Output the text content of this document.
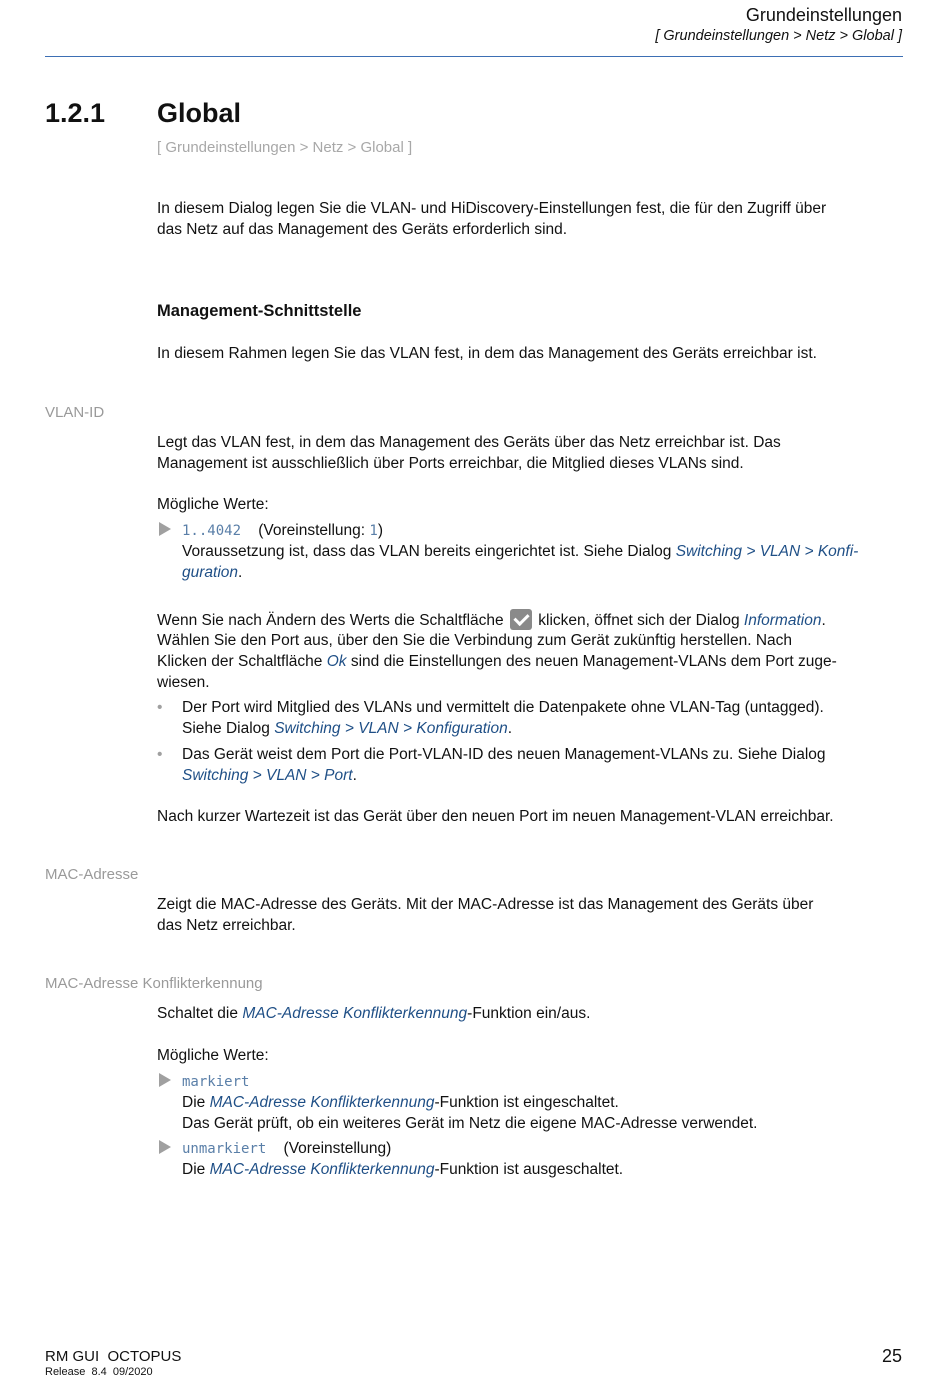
Grundeinstellungen
[ Grundeinstellungen > Netz > Global ]
1.2.1 Global
[ Grundeinstellungen > Netz > Global ]
In diesem Dialog legen Sie die VLAN- und HiDiscovery-Einstellungen fest, die für den Zugriff über
das Netz auf das Management des Geräts erforderlich sind.
Management-Schnittstelle
In diesem Rahmen legen Sie das VLAN fest, in dem das Management des Geräts erreichbar ist.
VLAN-ID
Legt das VLAN fest, in dem das Management des Geräts über das Netz erreichbar ist. Das
Management ist ausschließlich über Ports erreichbar, die Mitglied dieses VLANs sind.
Mögliche Werte:
1..4042 (Voreinstellung: 1)
Voraussetzung ist, dass das VLAN bereits eingerichtet ist. Siehe Dialog Switching > VLAN > Konfi-
guration.
Wenn Sie nach Ändern des Werts die Schaltfläche  klicken, öffnet sich der Dialog Information.
Wählen Sie den Port aus, über den Sie die Verbindung zum Gerät zukünftig herstellen. Nach
Klicken der Schaltfläche Ok sind die Einstellungen des neuen Management-VLANs dem Port zuge-
wiesen.
• Der Port wird Mitglied des VLANs und vermittelt die Datenpakete ohne VLAN-Tag (untagged).
Siehe Dialog Switching > VLAN > Konfiguration.
• Das Gerät weist dem Port die Port-VLAN-ID des neuen Management-VLANs zu. Siehe Dialog
Switching > VLAN > Port.
Nach kurzer Wartezeit ist das Gerät über den neuen Port im neuen Management-VLAN erreichbar.
MAC-Adresse
Zeigt die MAC-Adresse des Geräts. Mit der MAC-Adresse ist das Management des Geräts über
das Netz erreichbar.
MAC-Adresse Konflikterkennung
Schaltet die MAC-Adresse Konflikterkennung-Funktion ein/aus.
Mögliche Werte:
markiert
Die MAC-Adresse Konflikterkennung-Funktion ist eingeschaltet.
Das Gerät prüft, ob ein weiteres Gerät im Netz die eigene MAC-Adresse verwendet.
unmarkiert (Voreinstellung)
Die MAC-Adresse Konflikterkennung-Funktion ist ausgeschaltet.
RM GUI  OCTOPUS
Release  8.4  09/2020
25
